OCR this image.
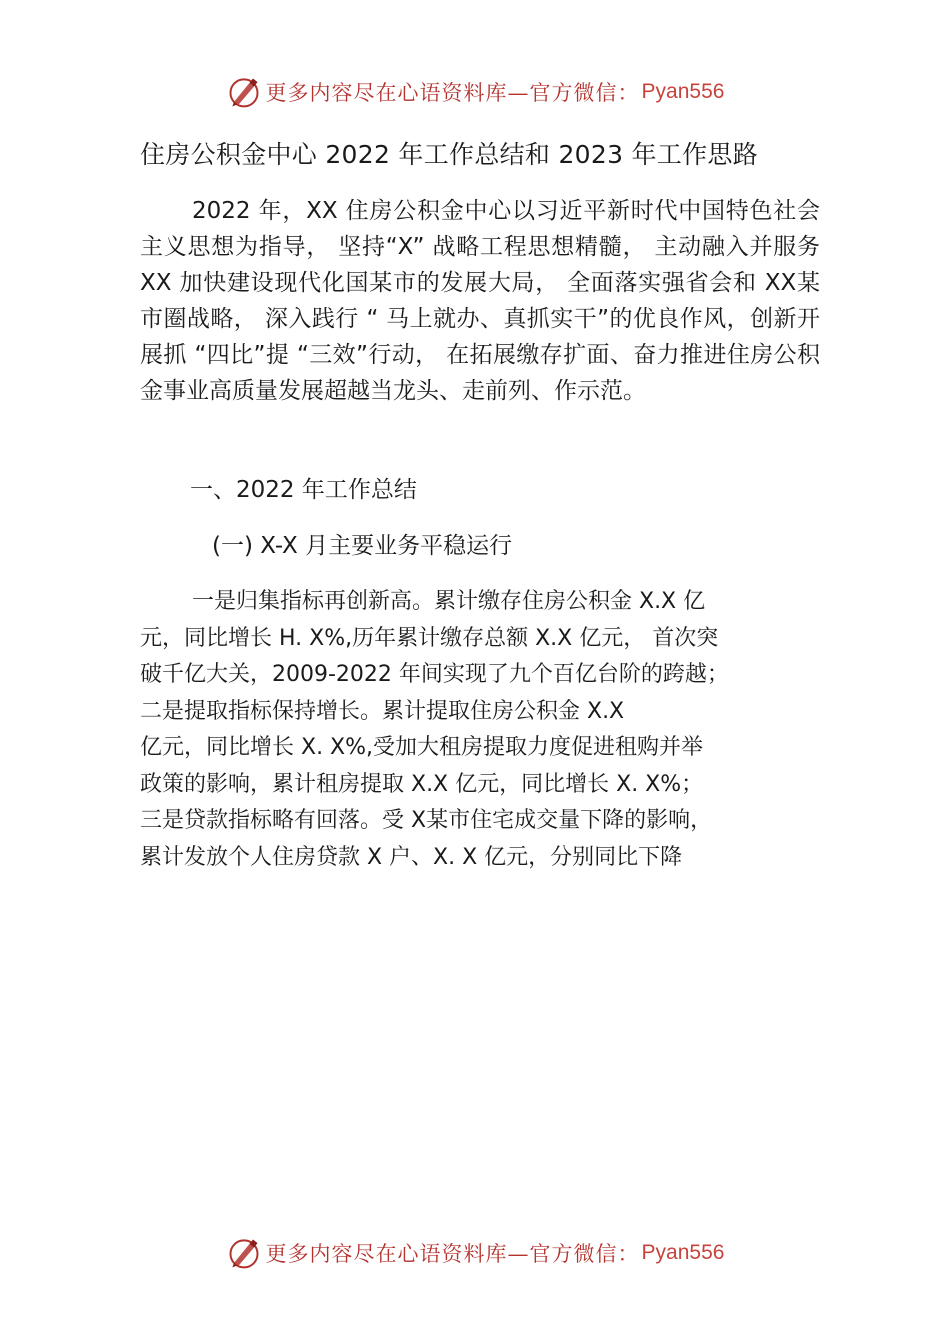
更多内容尽在心语资料库—官方微信： Pyan556
住房公积金中心 2022 年工作总结和 2023 年工作思路

2022 年，XX 住房公积金中心以习近平新时代中国特色社会主义思想为指导， 坚持“X” 战略工程思想精髓， 主动融入并服务 XX 加快建设现代化国某市的发展大局， 全面落实强省会和 XX某市圈战略， 深入践行 “ 马上就办、真抓实干”的优良作风，创新开展抓 “四比”提 “三效”行动， 在拓展缴存扩面、奋力推进住房公积金事业高质量发展超越当龙头、走前列、作示范。

一、2022 年工作总结
(一) X-X 月主要业务平稳运行
一是归集指标再创新高。累计缴存住房公积金 X.X 亿
元，同比增长 H. X%,历年累计缴存总额 X.X 亿元， 首次突
破千亿大关，2009-2022 年间实现了九个百亿台阶的跨越；
二是提取指标保持增长。累计提取住房公积金 X.X
亿元，同比增长 X. X%,受加大租房提取力度促进租购并举
政策的影响，累计租房提取 X.X 亿元，同比增长 X. X%；
三是贷款指标略有回落。受 X某市住宅成交量下降的影响，
累计发放个人住房贷款 X 户、X. X 亿元，分别同比下降
更多内容尽在心语资料库—官方微信： Pyan556
